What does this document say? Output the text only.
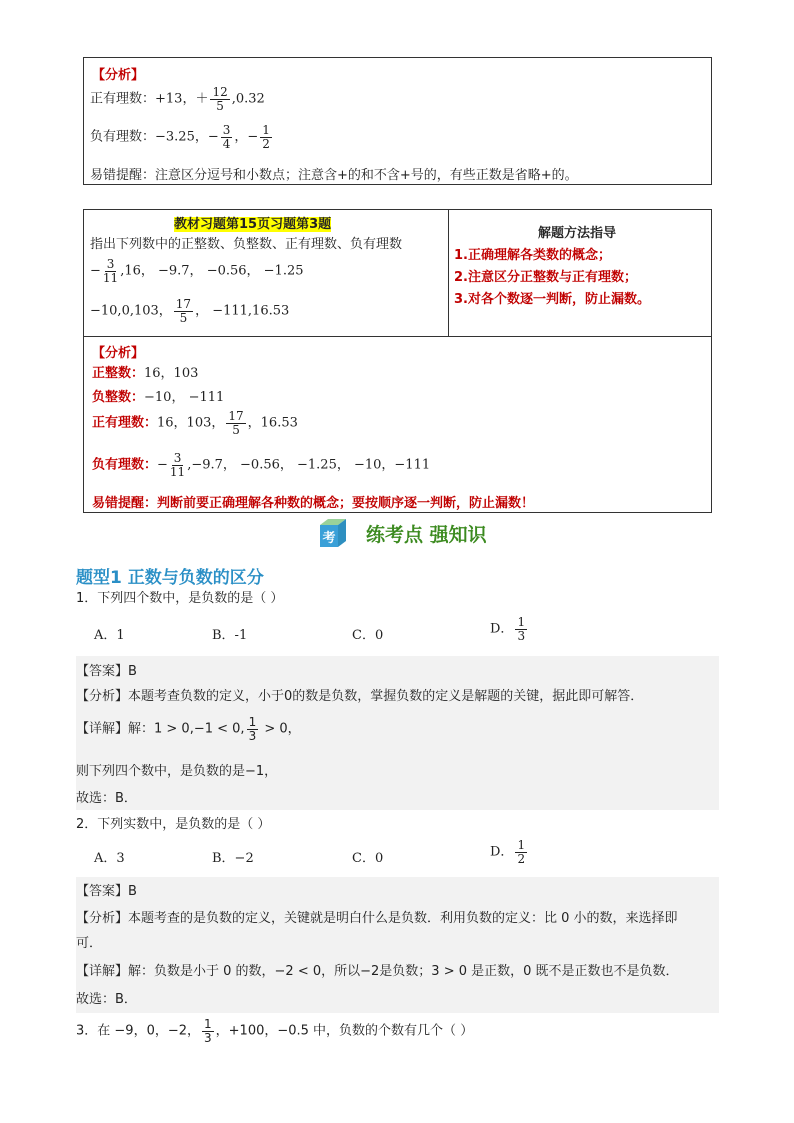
【分析】
正有理数：+13，＋ $\frac{12}{5} ,0.32$
负有理数：−3.25，− $\frac{3}{4}$ ，− $\frac{1}{2}$
易错提醒：注意区分逗号和小数点；注意含+的和不含+号的，有些正数是省略+的。
教材习题第15页习题第3题
指出下列数中的正整数、负整数、正有理数、负有理数
− $\frac{3}{11} ,16$， −9.7， −0.56， −1.25
−10,0,103， $\frac{17}{5}$ ， −111,16.53
解题方法指导
1.正确理解各类数的概念；
2.注意区分正整数与正有理数；
3.对各个数逐一判断，防止漏数。
【分析】
正整数：16，103
负整数：−10， −111
正有理数：16，103， $\frac{17}{5}$ ，16.53
负有理数：− $\frac{3}{11} ,-9.7$， −0.56， −1.25， −10，−111
易错提醒：判断前要正确理解各种数的概念；要按顺序逐一判断，防止漏数！
考 练考点 强知识
题型1 正数与负数的区分
1．下列四个数中，是负数的是（ ）
A．1	B．-1	C．0	D． $\frac{1}{3}$
【答案】B
【分析】本题考查负数的定义，小于0的数是负数，掌握负数的定义是解题的关键，据此即可解答．
【详解】解：1 > 0,−1 < 0, $\frac{1}{3} > 0$，
则下列四个数中，是负数的是−1，
故选：B．
2．下列实数中，是负数的是（ ）
A．3	B．−2	C．0	D． $\frac{1}{2}$
【答案】B
【分析】本题考查的是负数的定义，关键就是明白什么是负数．利用负数的定义：比 0 小的数，来选择即
可．
【详解】解：负数是小于 0 的数，−2 < 0，所以−2是负数；3 > 0 是正数，0 既不是正数也不是负数．
故选：B．
3．在 −9，0，−2， $\frac{1}{3}$ ，+100，−0.5 中，负数的个数有几个（ ）
